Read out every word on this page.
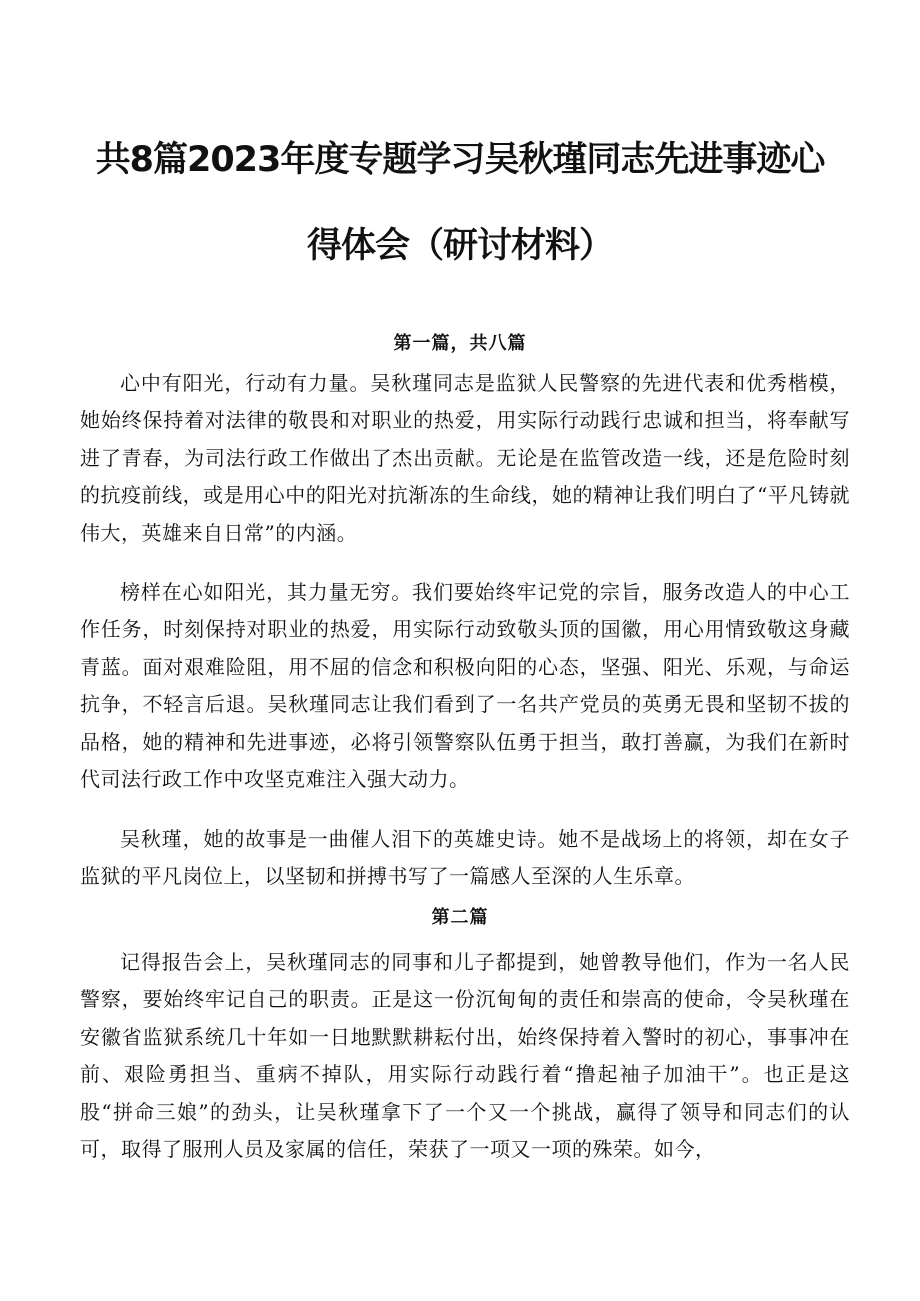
共8篇2023年度专题学习吴秋瑾同志先进事迹心
得体会（研讨材料）
第一篇，共八篇

心中有阳光，行动有力量。吴秋瑾同志是监狱人民警察的先进代表和优秀楷模，她始终保持着对法律的敬畏和对职业的热爱，用实际行动践行忠诚和担当，将奉献写进了青春，为司法行政工作做出了杰出贡献。无论是在监管改造一线，还是危险时刻的抗疫前线，或是用心中的阳光对抗渐冻的生命线，她的精神让我们明白了“平凡铸就伟大，英雄来自日常”的内涵。

榜样在心如阳光，其力量无穷。我们要始终牢记党的宗旨，服务改造人的中心工作任务，时刻保持对职业的热爱，用实际行动致敬头顶的国徽，用心用情致敬这身藏青蓝。面对艰难险阻，用不屈的信念和积极向阳的心态，坚强、阳光、乐观，与命运抗争，不轻言后退。吴秋瑾同志让我们看到了一名共产党员的英勇无畏和坚韧不拔的品格，她的精神和先进事迹，必将引领警察队伍勇于担当，敢打善赢，为我们在新时代司法行政工作中攻坚克难注入强大动力。

吴秋瑾，她的故事是一曲催人泪下的英雄史诗。她不是战场上的将领，却在女子监狱的平凡岗位上，以坚韧和拼搏书写了一篇感人至深的人生乐章。

第二篇

记得报告会上，吴秋瑾同志的同事和儿子都提到，她曾教导他们，作为一名人民警察，要始终牢记自己的职责。正是这一份沉甸甸的责任和崇高的使命，令吴秋瑾在安徽省监狱系统几十年如一日地默默耕耘付出，始终保持着入警时的初心，事事冲在前、艰险勇担当、重病不掉队，用实际行动践行着“撸起袖子加油干”。也正是这股“拼命三娘”的劲头，让吴秋瑾拿下了一个又一个挑战，赢得了领导和同志们的认可，取得了服刑人员及家属的信任，荣获了一项又一项的殊荣。如今，
